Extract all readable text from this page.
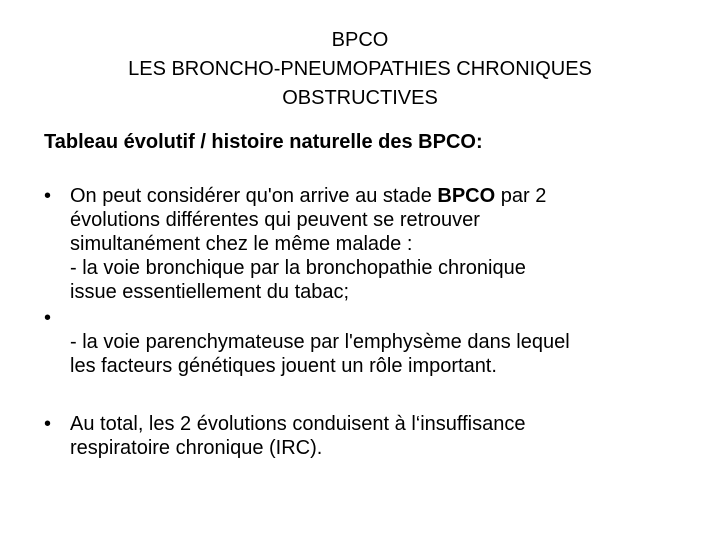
BPCO
LES BRONCHO-PNEUMOPATHIES CHRONIQUES
OBSTRUCTIVES
Tableau évolutif / histoire naturelle des BPCO:
• On peut considérer qu'on arrive au stade BPCO par 2
évolutions différentes qui peuvent se retrouver
simultanément chez le même malade :
- la voie bronchique par la bronchopathie chronique
issue essentiellement du tabac;
•
- la voie parenchymateuse par l'emphysème dans lequel
les facteurs génétiques jouent un rôle important.
• Au total, les 2 évolutions conduisent à l‘insuffisance
respiratoire chronique (IRC).
